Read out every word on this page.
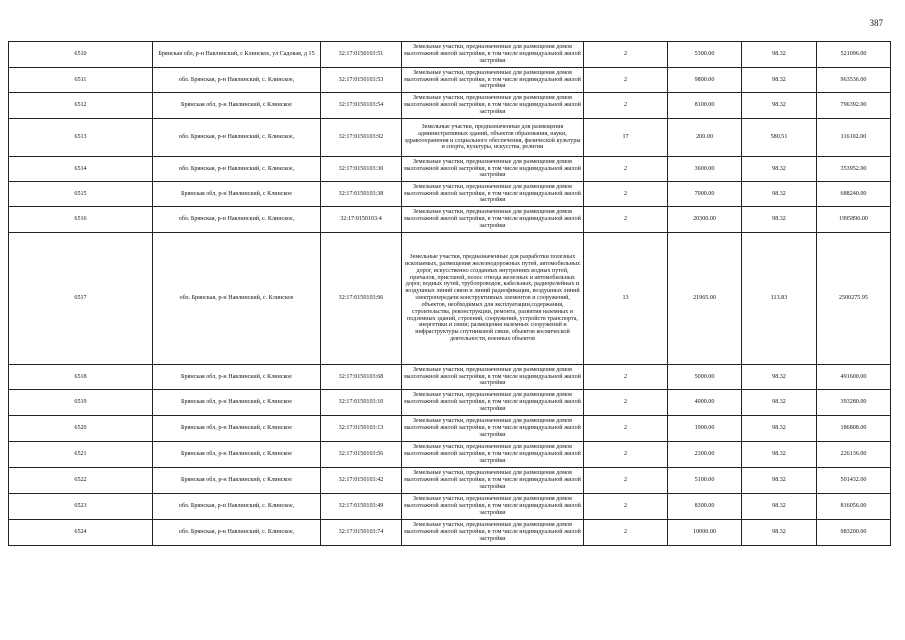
387
6510	Брянская обл, р-н Навлинский, с Клинское, ул Садовая, д 15	32:17:0150103:51	Земельные участки, предназначенные для размещения домов малоэтажной жилой застройки, в том числе индивидуальной жилой застройки	2	5300.00	98.32	521096.00
6511	обл. Брянская, р-н Навлинский, с. Клинское,	32:17:0150103:53	Земельные участки, предназначенные для размещения домов малоэтажной жилой застройки, в том числе индивидуальной жилой застройки	2	9800.00	98.32	963536.00
6512	Брянская обл, р-н Навлинский, с Клинское	32:17:0150103:54	Земельные участки, предназначенные для размещения домов малоэтажной жилой застройки, в том числе индивидуальной жилой застройки	2	8100.00	98.32	796392.00
6513	обл. Брянская, р-н Навлинский, с. Клинское,	32:17:0150103:92	Земельные участки, предназначенные для размещения административных зданий, объектов образования, науки, здравоохранения и социального обеспечения, физической культуры и спорта, культуры, искусства, религии	17	200.00	580.51	116102.00
6514	обл. Брянская, р-н Навлинский, с. Клинское,	32:17:0150103:30	Земельные участки, предназначенные для размещения домов малоэтажной жилой застройки, в том числе индивидуальной жилой застройки	2	3600.00	98.32	353952.00
6515	Брянская обл, р-н Навлинский, с Клинское	32:17:0150103:38	Земельные участки, предназначенные для размещения домов малоэтажной жилой застройки, в том числе индивидуальной жилой застройки	2	7000.00	98.32	688240.00
6516	обл. Брянская, р-н Навлинский, с. Клинское,	32:17:0150103:4	Земельные участки, предназначенные для размещения домов малоэтажной жилой застройки, в том числе индивидуальной жилой застройки	2	20300.00	98.32	1995896.00
6517	обл. Брянская, р-н Навлинский, с. Клинское	32:17:0150103:96	Земельные участки, предназначенные для разработки полезных ископаемых, размещения железнодорожных путей, автомобильных дорог, искусственно созданных внутренних водных путей, причалов, пристаней, полос отвода железных и автомобильных дорог, водных путей, трубопроводов, кабельных, радиорелейных и воздушных линий связи и линий радиофикации, воздушных линий электропередачи конструктивных элементов и сооружений, объектов, необходимых для эксплуатации,содержания, строительства, реконструкции, ремонта, развития наземных и подземных зданий, строений, сооружений, устройств транспорта, энергетики и связи; размещения наземных сооружений и инфраструктуры спутниковой связи, объектов космической деятельности, военных объектов	13	21965.00	113.83	2500275.95
6518	Брянская обл, р-н Навлинский, с Клинское	32:17:0150103:68	Земельные участки, предназначенные для размещения домов малоэтажной жилой застройки, в том числе индивидуальной жилой застройки	2	5000.00	98.32	491600.00
6519	Брянская обл, р-н Навлинский, с Клинское	32:17:0150103:10	Земельные участки, предназначенные для размещения домов малоэтажной жилой застройки, в том числе индивидуальной жилой застройки	2	4000.00	98.32	393280.00
6520	Брянская обл, р-н Навлинский, с Клинское	32:17:0150103:13	Земельные участки, предназначенные для размещения домов малоэтажной жилой застройки, в том числе индивидуальной жилой застройки	2	1900.00	98.32	186808.00
6521	Брянская обл, р-н Навлинский, с Клинское	32:17:0150103:56	Земельные участки, предназначенные для размещения домов малоэтажной жилой застройки, в том числе индивидуальной жилой застройки	2	2300.00	98.32	226136.00
6522	Брянская обл, р-н Навлинский, с Клинское	32:17:0150103:42	Земельные участки, предназначенные для размещения домов малоэтажной жилой застройки, в том числе индивидуальной жилой застройки	2	5100.00	98.32	501432.00
6523	обл. Брянская, р-н Навлинский, с. Клинское,	32:17:0150103:49	Земельные участки, предназначенные для размещения домов малоэтажной жилой застройки, в том числе индивидуальной жилой застройки	2	8300.00	98.32	816056.00
6524	обл. Брянская, р-н Навлинский, с. Клинское,	32:17:0150103:74	Земельные участки, предназначенные для размещения домов малоэтажной жилой застройки, в том числе индивидуальной жилой застройки	2	10000.00	98.32	983200.00
